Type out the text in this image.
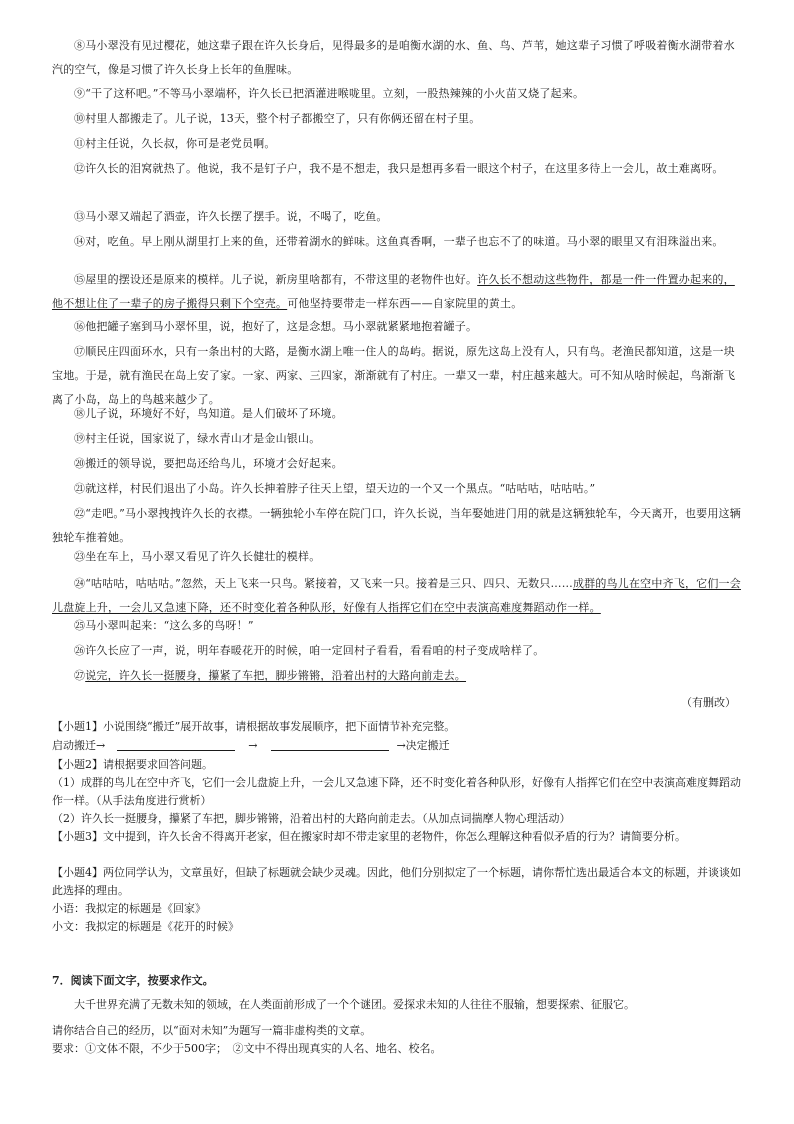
⑧马小翠没有见过樱花，她这辈子跟在许久长身后，见得最多的是咱衡水湖的水、鱼、鸟、芦苇，她这辈子习惯了呼吸着衡水湖带着水汽的空气，像是习惯了许久长身上长年的鱼腥味。

⑨“干了这杯吧。”不等马小翠端杯，许久长已把酒灌进喉咙里。立刻，一股热辣辣的小火苗又烧了起来。

⑩村里人都搬走了。儿子说，13天，整个村子都搬空了，只有你俩还留在村子里。

⑪村主任说，久长叔，你可是老党员啊。

⑫许久长的泪窝就热了。他说，我不是钉子户，我不是不想走，我只是想再多看一眼这个村子，在这里多待上一会儿，故土难离呀。

⑬马小翠又端起了酒壶，许久长摆了摆手。说，不喝了，吃鱼。

⑭对，吃鱼。早上刚从湖里打上来的鱼，还带着湖水的鲜味。这鱼真香啊，一辈子也忘不了的味道。马小翠的眼里又有泪珠溢出来。

⑮屋里的摆设还是原来的模样。儿子说，新房里啥都有，不带这里的老物件也好。许久长不想动这些物件，都是一件一件置办起来的，他不想让住了一辈子的房子搬得只剩下个空壳。可他坚持要带走一样东西——自家院里的黄土。

⑯他把罐子塞到马小翠怀里，说，抱好了，这是念想。马小翠就紧紧地抱着罐子。

⑰顺民庄四面环水，只有一条出村的大路，是衡水湖上唯一住人的岛屿。据说，原先这岛上没有人，只有鸟。老渔民都知道，这是一块宝地。于是，就有渔民在岛上安了家。一家、两家、三四家，渐渐就有了村庄。一辈又一辈，村庄越来越大。可不知从啥时候起，鸟渐渐飞离了小岛，岛上的鸟越来越少了。

⑱儿子说，环境好不好，鸟知道。是人们破坏了环境。

⑲村主任说，国家说了，绿水青山才是金山银山。

⑳搬迁的领导说，要把岛还给鸟儿，环境才会好起来。

㉑就这样，村民们退出了小岛。许久长抻着脖子往天上望，望天边的一个又一个黑点。“咕咕咕，咕咕咕。”

㉒“走吧。”马小翠拽拽许久长的衣襟。一辆独轮小车停在院门口，许久长说，当年娶她进门用的就是这辆独轮车，今天离开，也要用这辆独轮车推着她。

㉓坐在车上，马小翠又看见了许久长健壮的模样。

㉔“咕咕咕，咕咕咕。”忽然，天上飞来一只鸟。紧接着，又飞来一只。接着是三只、四只、无数只……成群的鸟儿在空中齐飞，它们一会儿盘旋上升，一会儿又急速下降，还不时变化着各种队形，好像有人指挥它们在空中表演高难度舞蹈动作一样。

㉕马小翠叫起来：“这么多的鸟呀！”

㉖许久长应了一声，说，明年春暖花开的时候，咱一定回村子看看，看看咱的村子变成啥样了。

㉗说完，许久长一挺腰身，攥紧了车把，脚步锵锵，沿着出村的大路向前走去。

（有删改）

【小题1】小说围绕“搬迁”展开故事，请根据故事发展顺序，把下面情节补充完整。

启动搬迁→	→	→决定搬迁

【小题2】请根据要求回答问题。

（1）成群的鸟儿在空中齐飞，它们一会儿盘旋上升，一会儿又急速下降，还不时变化着各种队形，好像有人指挥它们在空中表演高难度舞蹈动作一样。（从手法角度进行赏析）

（2）许久长一挺腰身，攥紧了车把，脚步锵锵，沿着出村的大路向前走去。（从加点词揣摩人物心理活动）

【小题3】文中提到，许久长舍不得离开老家，但在搬家时却不带走家里的老物件，你怎么理解这种看似矛盾的行为？请简要分析。

【小题4】两位同学认为，文章虽好，但缺了标题就会缺少灵魂。因此，他们分别拟定了一个标题，请你帮忙选出最适合本文的标题，并谈谈如此选择的理由。

小语：我拟定的标题是《回家》

小文：我拟定的标题是《花开的时候》

7．阅读下面文字，按要求作文。

大千世界充满了无数未知的领域，在人类面前形成了一个个谜团。爱探求未知的人往往不服输，想要探索、征服它。

请你结合自己的经历，以“面对未知”为题写一篇非虚构类的文章。

要求：①文体不限，不少于500字；　②文中不得出现真实的人名、地名、校名。
